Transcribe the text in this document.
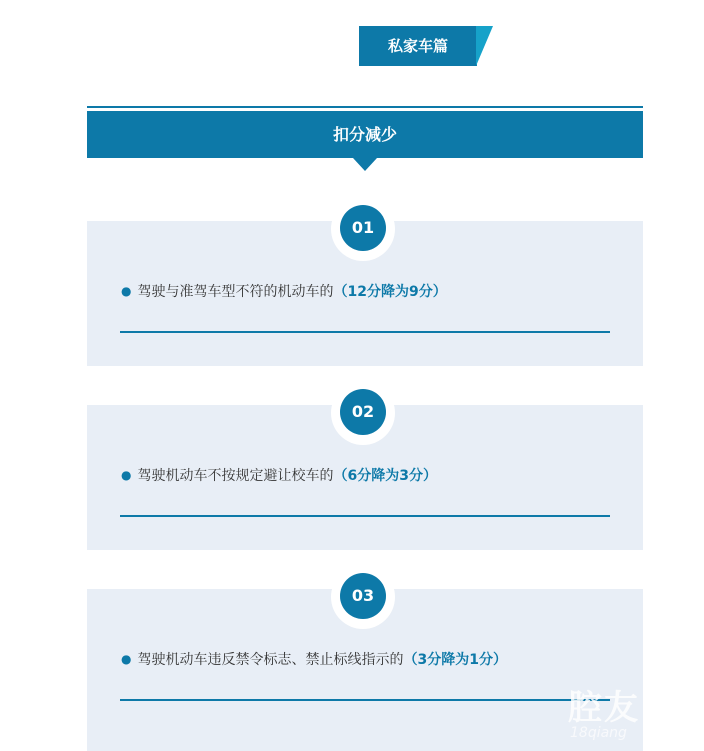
私家车篇
扣分减少
01
● 驾驶与准驾车型不符的机动车的（12分降为9分）
02
● 驾驶机动车不按规定避让校车的（6分降为3分）
03
● 驾驶机动车违反禁令标志、禁止标线指示的（3分降为1分）
腔友
18qiang
